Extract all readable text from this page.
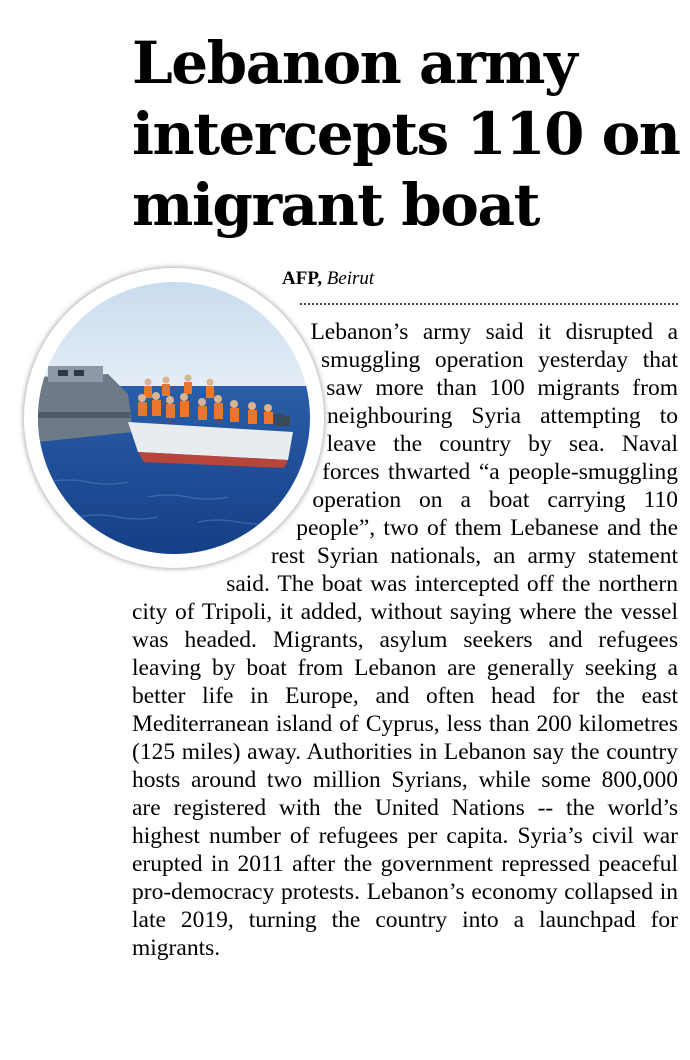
Lebanon army intercepts 110 on migrant boat
AFP, Beirut

Lebanon’s army said it disrupted a smuggling operation yesterday that saw more than 100 migrants from neighbouring Syria attempting to leave the country by sea. Naval forces thwarted “a people-smuggling operation on a boat carrying 110 people”, two of them Lebanese and the rest Syrian nationals, an army statement said. The boat was intercepted off the northern city of Tripoli, it added, without saying where the vessel was headed. Migrants, asylum seekers and refugees leaving by boat from Lebanon are generally seeking a better life in Europe, and often head for the east Mediterranean island of Cyprus, less than 200 kilometres (125 miles) away. Authorities in Lebanon say the country hosts around two million Syrians, while some 800,000 are registered with the United Nations -- the world’s highest number of refugees per capita. Syria’s civil war erupted in 2011 after the government repressed peaceful pro-democracy protests. Lebanon’s economy collapsed in late 2019, turning the country into a launchpad for migrants.
